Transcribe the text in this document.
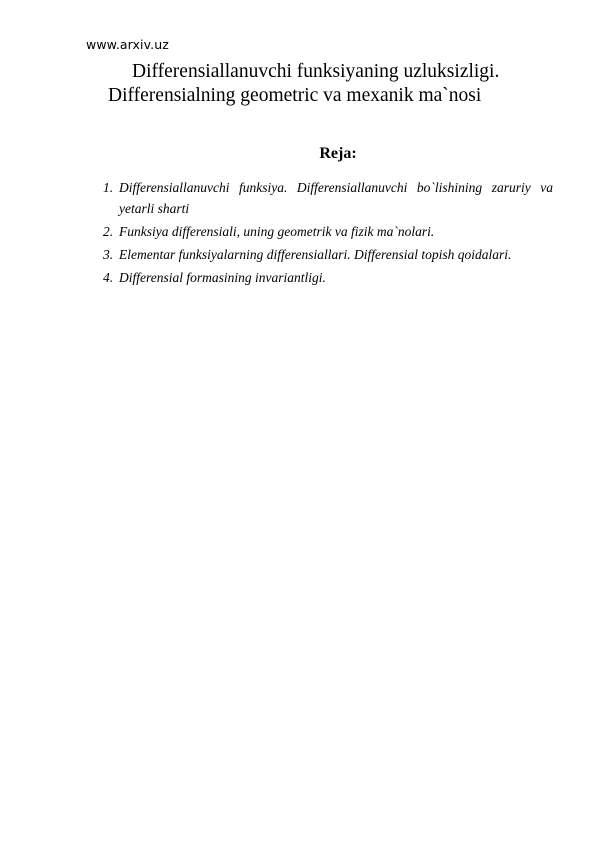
www.arxiv.uz
Differensiallanuvchi funksiyaning uzluksizligi.
Differensialning geometric va mexanik ma`nosi
Reja:
1. Differensiallanuvchi funksiya. Differensiallanuvchi bo`lishining zaruriy va yetarli sharti
2. Funksiya differensiali, uning geometrik va fizik ma`nolari.
3. Elementar funksiyalarning differensiallari. Differensial topish qoidalari.
4. Differensial formasining invariantligi.
